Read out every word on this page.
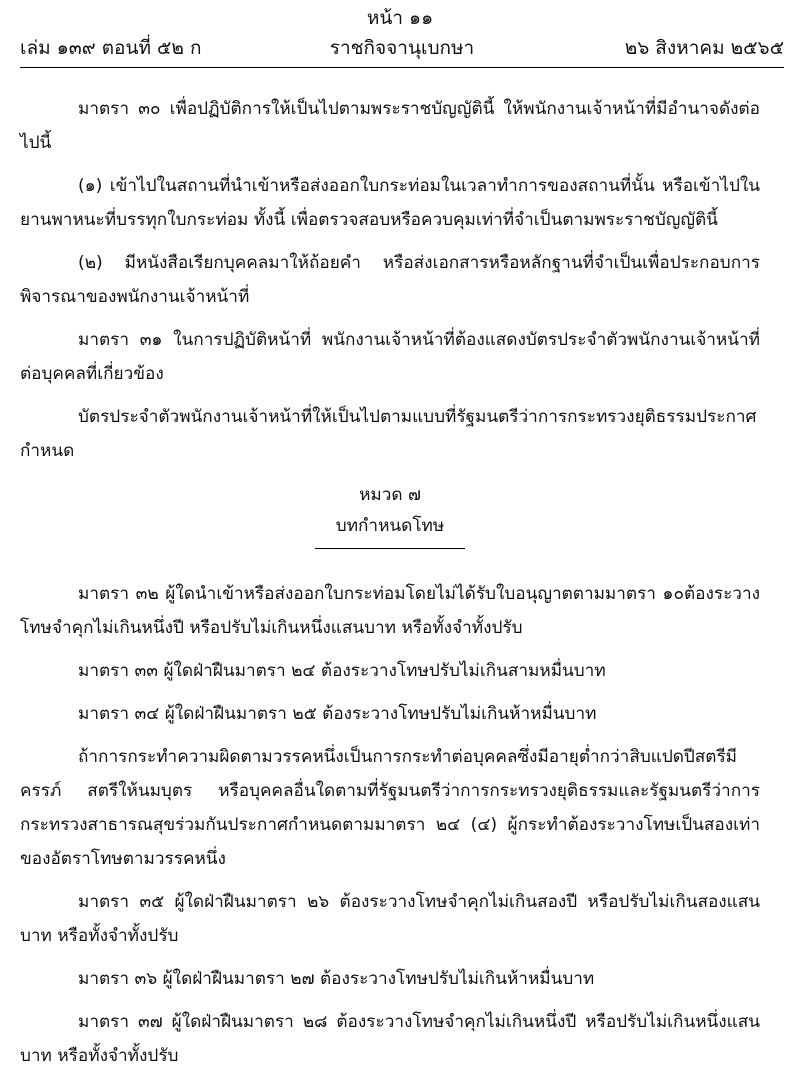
หน้า ๑๑
ราชกิจจานุเบกษา
เล่ม ๑๓๙ ตอนที่ ๕๒ ก	๒๖ สิงหาคม ๒๕๖๕

มาตรา ๓๐ เพื่อปฏิบัติการให้เป็นไปตามพระราชบัญญัตินี้ ให้พนักงานเจ้าหน้าที่มีอำนาจดังต่อไปนี้

(๑) เข้าไปในสถานที่นำเข้าหรือส่งออกใบกระท่อมในเวลาทำการของสถานที่นั้น หรือเข้าไปในยานพาหนะที่บรรทุกใบกระท่อม ทั้งนี้ เพื่อตรวจสอบหรือควบคุมเท่าที่จำเป็นตามพระราชบัญญัตินี้

(๒) มีหนังสือเรียกบุคคลมาให้ถ้อยคำ หรือส่งเอกสารหรือหลักฐานที่จำเป็นเพื่อประกอบการพิจารณาของพนักงานเจ้าหน้าที่

มาตรา ๓๑ ในการปฏิบัติหน้าที่ พนักงานเจ้าหน้าที่ต้องแสดงบัตรประจำตัวพนักงานเจ้าหน้าที่ต่อบุคคลที่เกี่ยวข้อง

บัตรประจำตัวพนักงานเจ้าหน้าที่ให้เป็นไปตามแบบที่รัฐมนตรีว่าการกระทรวงยุติธรรมประกาศกำหนด

หมวด ๗
บทกำหนดโทษ

มาตรา ๓๒ ผู้ใดนำเข้าหรือส่งออกใบกระท่อมโดยไม่ได้รับใบอนุญาตตามมาตรา ๑๐ต้องระวางโทษจำคุกไม่เกินหนึ่งปี หรือปรับไม่เกินหนึ่งแสนบาท หรือทั้งจำทั้งปรับ

มาตรา ๓๓ ผู้ใดฝ่าฝืนมาตรา ๒๔ ต้องระวางโทษปรับไม่เกินสามหมื่นบาท

มาตรา ๓๔ ผู้ใดฝ่าฝืนมาตรา ๒๕ ต้องระวางโทษปรับไม่เกินห้าหมื่นบาท

ถ้าการกระทำความผิดตามวรรคหนึ่งเป็นการกระทำต่อบุคคลซึ่งมีอายุต่ำกว่าสิบแปดปีสตรีมีครรภ์ สตรีให้นมบุตร หรือบุคคลอื่นใดตามที่รัฐมนตรีว่าการกระทรวงยุติธรรมและรัฐมนตรีว่าการกระทรวงสาธารณสุขร่วมกันประกาศกำหนดตามมาตรา ๒๔ (๔) ผู้กระทำต้องระวางโทษเป็นสองเท่าของอัตราโทษตามวรรคหนึ่ง

มาตรา ๓๕ ผู้ใดฝ่าฝืนมาตรา ๒๖ ต้องระวางโทษจำคุกไม่เกินสองปี หรือปรับไม่เกินสองแสนบาท หรือทั้งจำทั้งปรับ

มาตรา ๓๖ ผู้ใดฝ่าฝืนมาตรา ๒๗ ต้องระวางโทษปรับไม่เกินห้าหมื่นบาท

มาตรา ๓๗ ผู้ใดฝ่าฝืนมาตรา ๒๘ ต้องระวางโทษจำคุกไม่เกินหนึ่งปี หรือปรับไม่เกินหนึ่งแสนบาท หรือทั้งจำทั้งปรับ
